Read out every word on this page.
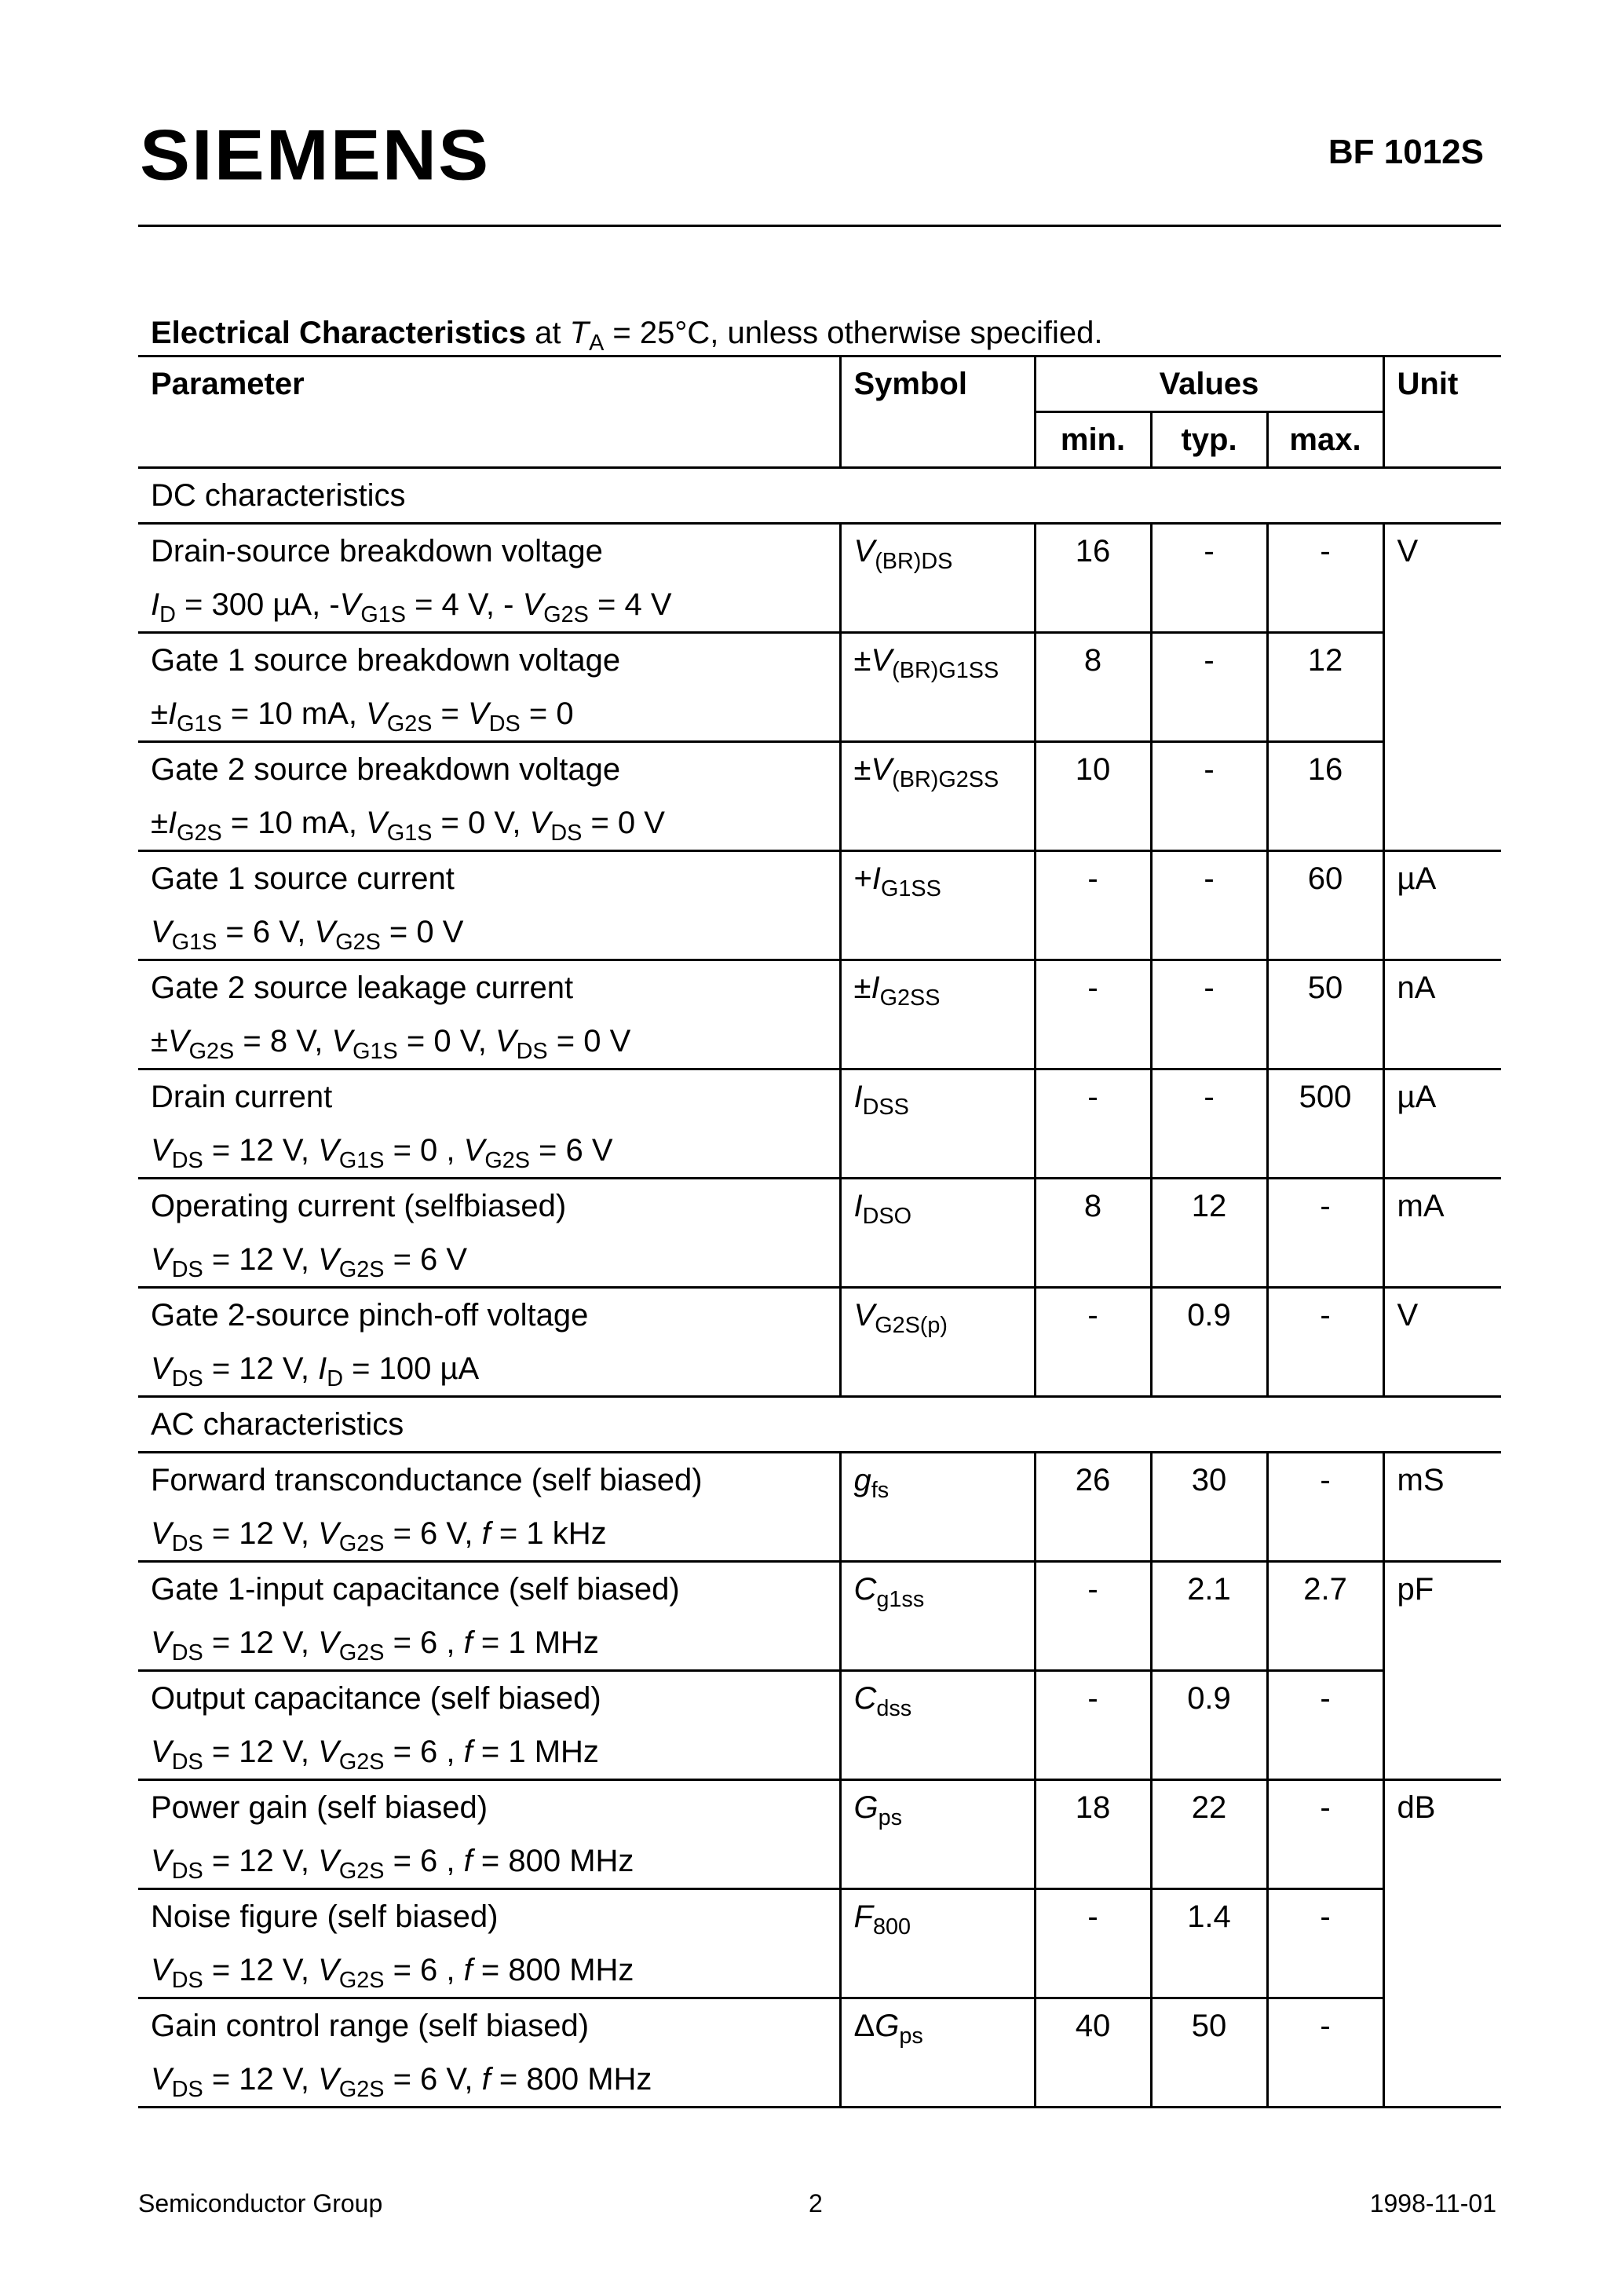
SIEMENS	BF 1012S
Electrical Characteristics at $T_A = 25^\circ C$, unless otherwise specified.
Parameter	Symbol	Values			Unit
		min.	typ.	max.	
DC characteristics					

Drain-source breakdown voltage
$I_D = 300$ µA, $-V_{G1S} = 4$ V, - $V_{G2S} = 4$ V	$V_{(BR)DS}$	16	-	-	V

Gate 1 source breakdown voltage
$\pm I_{G1S} = 10$ mA, $V_{G2S} = V_{DS} = 0$	$\pm V_{(BR)G1SS}$	8	-	12	

Gate 2 source breakdown voltage
$\pm I_{G2S} = 10$ mA, $V_{G1S} = 0$ V, $V_{DS} = 0$ V	$\pm V_{(BR)G2SS}$	10	-	16	

Gate 1 source current
$V_{G1S} = 6$ V, $V_{G2S} = 0$ V	$+I_{G1SS}$	-	-	60	µA

Gate 2 source leakage current
$\pm V_{G2S} = 8$ V, $V_{G1S} = 0$ V, $V_{DS} = 0$ V	$\pm I_{G2SS}$	-	-	50	nA

Drain current
$V_{DS} = 12$ V, $V_{G1S} = 0$ , $V_{G2S} = 6$ V	$I_{DSS}$	-	-	500	µA

Operating current (selfbiased)
$V_{DS} = 12$ V, $V_{G2S} = 6$ V	$I_{DSO}$	8	12	-	mA

Gate 2-source pinch-off voltage
$V_{DS} = 12$ V, $I_D = 100$ µA	$V_{G2S(p)}$	-	0.9	-	V
AC characteristics					

Forward transconductance (self biased)
$V_{DS} = 12$ V, $V_{G2S} = 6$ V, f = 1 kHz	$g_{fs}$	26	30	-	mS

Gate 1-input capacitance (self biased)
$V_{DS} = 12$ V, $V_{G2S} = 6$ , f = 1 MHz	$C_{g1ss}$	-	2.1	2.7	pF

Output capacitance (self biased)
$V_{DS} = 12$ V, $V_{G2S} = 6$ , f = 1 MHz	$C_{dss}$	-	0.9	-	

Power gain (self biased)
$V_{DS} = 12$ V, $V_{G2S} = 6$ , f = 800 MHz	$G_{ps}$	18	22	-	dB

Noise figure (self biased)
$V_{DS} = 12$ V, $V_{G2S} = 6$ , f = 800 MHz	$F_{800}$	-	1.4	-	

Gain control range (self biased)
$V_{DS} = 12$ V, $V_{G2S} = 6$ V, f = 800 MHz	$\Delta G_{ps}$	40	50	-	
Semiconductor Group	2	1998-11-01
